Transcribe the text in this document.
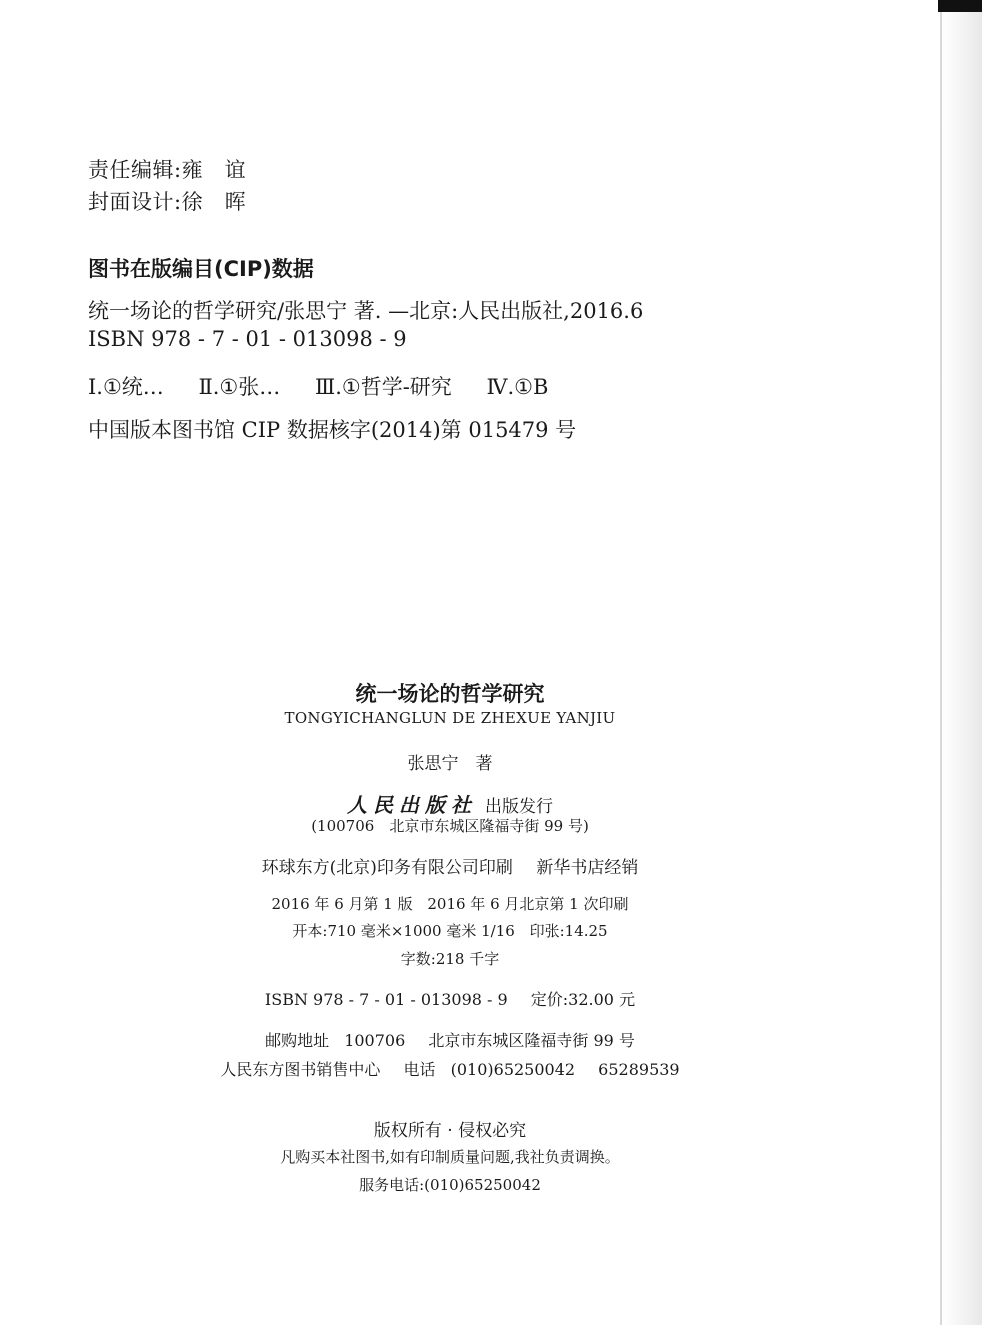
责任编辑:雍　谊
封面设计:徐　晖
图书在版编目(CIP)数据
统一场论的哲学研究/张思宁 著. —北京:人民出版社,2016.6
ISBN 978 - 7 - 01 - 013098 - 9
Ⅰ.①统… Ⅱ.①张… Ⅲ.①哲学-研究 Ⅳ.①B
中国版本图书馆 CIP 数据核字(2014)第 015479 号
统一场论的哲学研究
TONGYICHANGLUN DE ZHEXUE YANJIU
张思宁　著
人民出版社 出版发行
(100706　北京市东城区隆福寺街 99 号)
环球东方(北京)印务有限公司印刷 新华书店经销
2016 年 6 月第 1 版 2016 年 6 月北京第 1 次印刷
开本:710 毫米×1000 毫米 1/16 印张:14.25
字数:218 千字
ISBN 978 - 7 - 01 - 013098 - 9 定价:32.00 元
邮购地址 100706 北京市东城区隆福寺街 99 号
人民东方图书销售中心 电话 (010)65250042 65289539
版权所有 · 侵权必究
凡购买本社图书,如有印制质量问题,我社负责调换。
服务电话:(010)65250042
